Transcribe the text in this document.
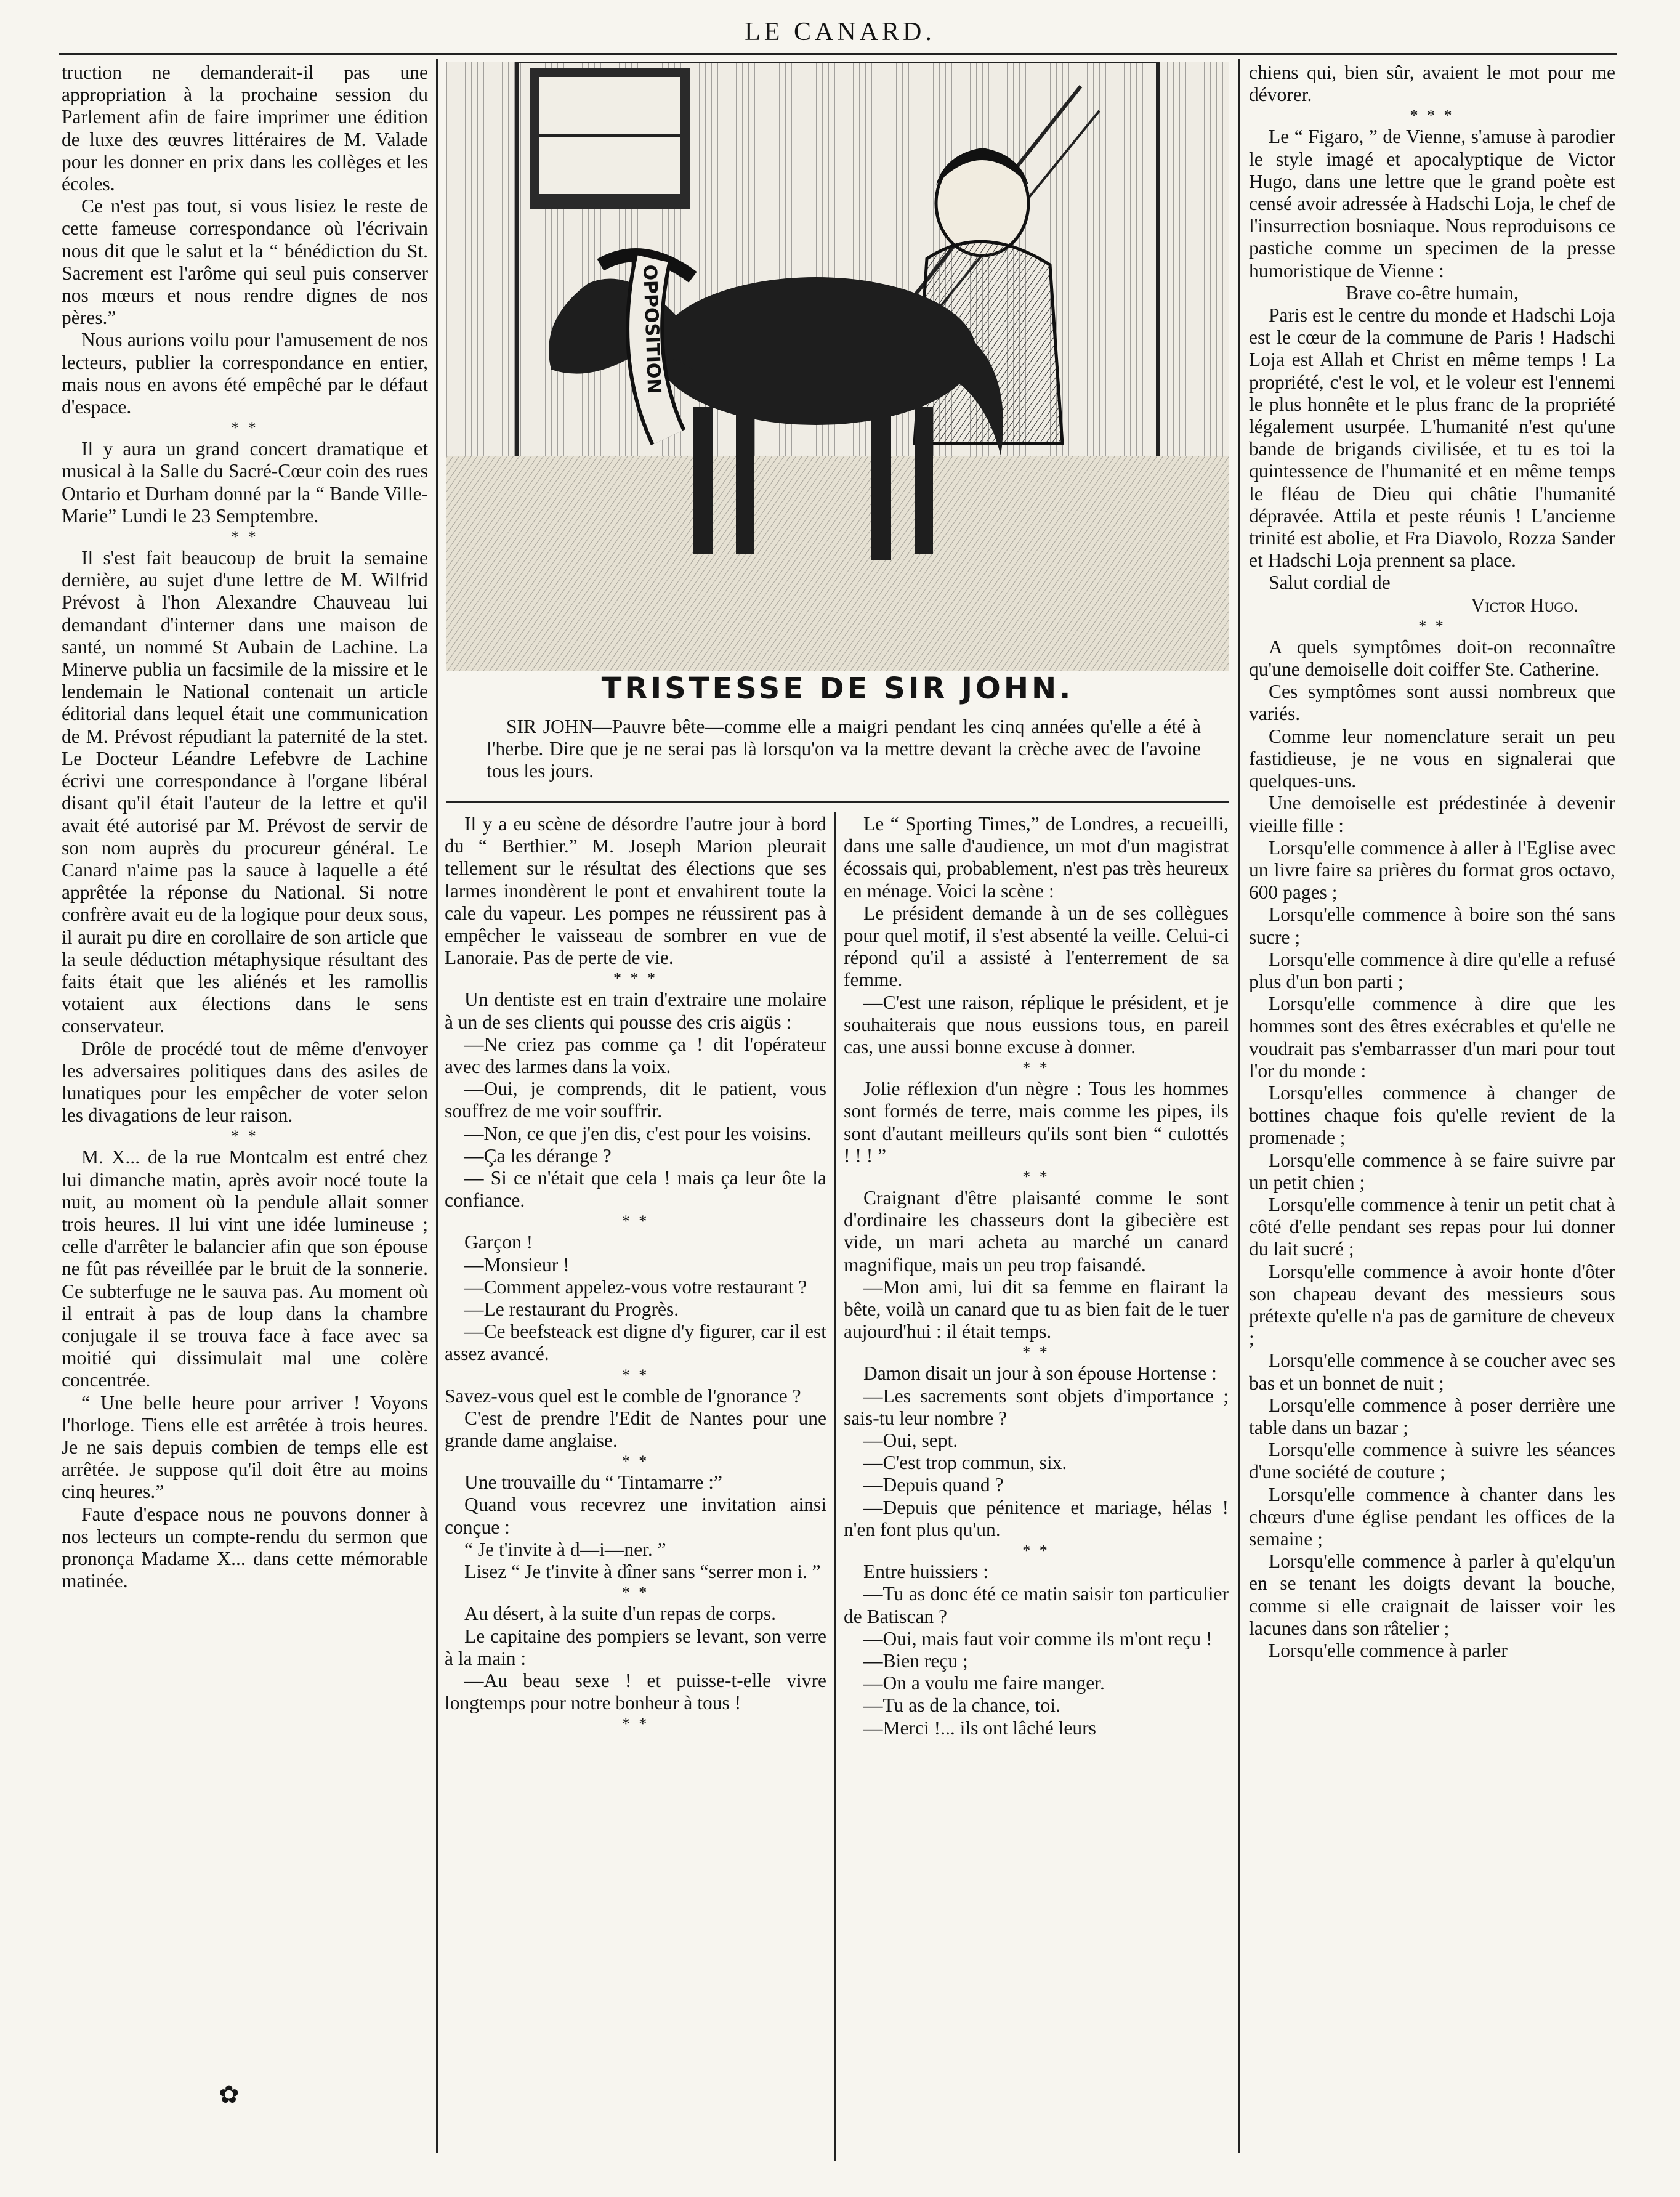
LE CANARD.
OPPOSITION
TRISTESSE DE SIR JOHN.
SIR JOHN—Pauvre bête—comme elle a maigri pendant les cinq années qu'elle a été à l'herbe. Dire que je ne serai pas là lorsqu'on va la mettre devant la crèche avec de l'avoine tous les jours.

truction ne demanderait-il pas une appropriation à la prochaine session du Parlement afin de faire imprimer une édition de luxe des œuvres littéraires de M. Valade pour les donner en prix dans les collèges et les écoles.

Ce n'est pas tout, si vous lisiez le reste de cette fameuse correspondance où l'écrivain nous dit que le salut et la “ bénédiction du St. Sacrement est l'arôme qui seul puis conserver nos mœurs et nous rendre dignes de nos pères.”

Nous aurions voilu pour l'amusement de nos lecteurs, publier la correspondance en entier, mais nous en avons été empêché par le défaut d'espace.

* *

Il y aura un grand concert dramatique et musical à la Salle du Sacré-Cœur coin des rues Ontario et Durham donné par la “ Bande Ville-Marie” Lundi le 23 Semptembre.

* *

Il s'est fait beaucoup de bruit la semaine dernière, au sujet d'une lettre de M. Wilfrid Prévost à l'hon Alexandre Chauveau lui demandant d'interner dans une maison de santé, un nommé St Aubain de Lachine. La Minerve publia un facsimile de la missire et le lendemain le National contenait un article éditorial dans lequel était une communication de M. Prévost répudiant la paternité de la stet. Le Docteur Léandre Lefebvre de Lachine écrivi une correspondance à l'organe libéral disant qu'il était l'auteur de la lettre et qu'il avait été autorisé par M. Prévost de servir de son nom auprès du procureur général. Le Canard n'aime pas la sauce à laquelle a été apprêtée la réponse du National. Si notre confrère avait eu de la logique pour deux sous, il aurait pu dire en corollaire de son article que la seule déduction métaphysique résultant des faits était que les aliénés et les ramollis votaient aux élections dans le sens conservateur.

Drôle de procédé tout de même d'envoyer les adversaires politiques dans des asiles de lunatiques pour les empêcher de voter selon les divagations de leur raison.

* *

M. X... de la rue Montcalm est entré chez lui dimanche matin, après avoir nocé toute la nuit, au moment où la pendule allait sonner trois heures. Il lui vint une idée lumineuse ; celle d'arrêter le balancier afin que son épouse ne fût pas réveillée par le bruit de la sonnerie. Ce subterfuge ne le sauva pas. Au moment où il entrait à pas de loup dans la chambre conjugale il se trouva face à face avec sa moitié qui dissimulait mal une colère concentrée.

“ Une belle heure pour arriver ! Voyons l'horloge. Tiens elle est arrêtée à trois heures. Je ne sais depuis combien de temps elle est arrêtée. Je suppose qu'il doit être au moins cinq heures.”

Faute d'espace nous ne pouvons donner à nos lecteurs un compte-rendu du sermon que prononça Madame X... dans cette mémorable matinée.

Il y a eu scène de désordre l'autre jour à bord du “ Berthier.” M. Joseph Marion pleurait tellement sur le résultat des élections que ses larmes inondèrent le pont et envahirent toute la cale du vapeur. Les pompes ne réussirent pas à empêcher le vaisseau de sombrer en vue de Lanoraie. Pas de perte de vie.

* * *

Un dentiste est en train d'extraire une molaire à un de ses clients qui pousse des cris aigüs :

—Ne criez pas comme ça ! dit l'opérateur avec des larmes dans la voix.

—Oui, je comprends, dit le patient, vous souffrez de me voir souffrir.

—Non, ce que j'en dis, c'est pour les voisins.

—Ça les dérange ?

— Si ce n'était que cela ! mais ça leur ôte la confiance.

* *

Garçon !

—Monsieur !

—Comment appelez-vous votre restaurant ?

—Le restaurant du Progrès.

—Ce beefsteack est digne d'y figurer, car il est assez avancé.

* *

Savez-vous quel est le comble de l'gnorance ?

C'est de prendre l'Edit de Nantes pour une grande dame anglaise.

* *

Une trouvaille du “ Tintamarre :”

Quand vous recevrez une invitation ainsi conçue :

“ Je t'invite à d—i—ner. ”

Lisez “ Je t'invite à dîner sans “serrer mon i. ”

* *

Au désert, à la suite d'un repas de corps.

Le capitaine des pompiers se levant, son verre à la main :

—Au beau sexe ! et puisse-t-elle vivre longtemps pour notre bonheur à tous !

* *

Le “ Sporting Times,” de Londres, a recueilli, dans une salle d'audience, un mot d'un magistrat écossais qui, probablement, n'est pas très heureux en ménage. Voici la scène :

Le président demande à un de ses collègues pour quel motif, il s'est absenté la veille. Celui-ci répond qu'il a assisté à l'enterrement de sa femme.

—C'est une raison, réplique le président, et je souhaiterais que nous eussions tous, en pareil cas, une aussi bonne excuse à donner.

* *

Jolie réflexion d'un nègre : Tous les hommes sont formés de terre, mais comme les pipes, ils sont d'autant meilleurs qu'ils sont bien “ culottés ! ! ! ”

* *

Craignant d'être plaisanté comme le sont d'ordinaire les chasseurs dont la gibecière est vide, un mari acheta au marché un canard magnifique, mais un peu trop faisandé.

—Mon ami, lui dit sa femme en flairant la bête, voilà un canard que tu as bien fait de le tuer aujourd'hui : il était temps.

* *

Damon disait un jour à son épouse Hortense :

—Les sacrements sont objets d'importance ; sais-tu leur nombre ?

—Oui, sept.

—C'est trop commun, six.

—Depuis quand ?

—Depuis que pénitence et mariage, hélas ! n'en font plus qu'un.

* *

Entre huissiers :

—Tu as donc été ce matin saisir ton particulier de Batiscan ?

—Oui, mais faut voir comme ils m'ont reçu !

—Bien reçu ;

—On a voulu me faire manger.

—Tu as de la chance, toi.

—Merci !... ils ont lâché leurs

chiens qui, bien sûr, avaient le mot pour me dévorer.

* * *

Le “ Figaro, ” de Vienne, s'amuse à parodier le style imagé et apocalyptique de Victor Hugo, dans une lettre que le grand poète est censé avoir adressée à Hadschi Loja, le chef de l'insurrection bosniaque. Nous reproduisons ce pastiche comme un specimen de la presse humoristique de Vienne :

Brave co-être humain,

Paris est le centre du monde et Hadschi Loja est le cœur de la commune de Paris ! Hadschi Loja est Allah et Christ en même temps ! La propriété, c'est le vol, et le voleur est l'ennemi le plus honnête et le plus franc de la propriété légalement usurpée. L'humanité n'est qu'une bande de brigands civilisée, et tu es toi la quintessence de l'humanité et en même temps le fléau de Dieu qui châtie l'humanité dépravée. Attila et peste réunis ! L'ancienne trinité est abolie, et Fra Diavolo, Rozza Sander et Hadschi Loja prennent sa place.

Salut cordial de

Victor Hugo.

* *

A quels symptômes doit-on reconnaître qu'une demoiselle doit coiffer Ste. Catherine.

Ces symptômes sont aussi nombreux que variés.

Comme leur nomenclature serait un peu fastidieuse, je ne vous en signalerai que quelques-uns.

Une demoiselle est prédestinée à devenir vieille fille :

Lorsqu'elle commence à aller à l'Eglise avec un livre faire sa prières du format gros octavo, 600 pages ;

Lorsqu'elle commence à boire son thé sans sucre ;

Lorsqu'elle commence à dire qu'elle a refusé plus d'un bon parti ;

Lorsqu'elle commence à dire que les hommes sont des êtres exécrables et qu'elle ne voudrait pas s'embarrasser d'un mari pour tout l'or du monde :

Lorsqu'elles commence à changer de bottines chaque fois qu'elle revient de la promenade ;

Lorsqu'elle commence à se faire suivre par un petit chien ;

Lorsqu'elle commence à tenir un petit chat à côté d'elle pendant ses repas pour lui donner du lait sucré ;

Lorsqu'elle commence à avoir honte d'ôter son chapeau devant des messieurs sous prétexte qu'elle n'a pas de garniture de cheveux ;

Lorsqu'elle commence à se coucher avec ses bas et un bonnet de nuit ;

Lorsqu'elle commence à poser derrière une table dans un bazar ;

Lorsqu'elle commence à suivre les séances d'une société de couture ;

Lorsqu'elle commence à chanter dans les chœurs d'une église pendant les offices de la semaine ;

Lorsqu'elle commence à parler à qu'elqu'un en se tenant les doigts devant la bouche, comme si elle craignait de laisser voir les lacunes dans son râtelier ;

Lorsqu'elle commence à parler

✿
